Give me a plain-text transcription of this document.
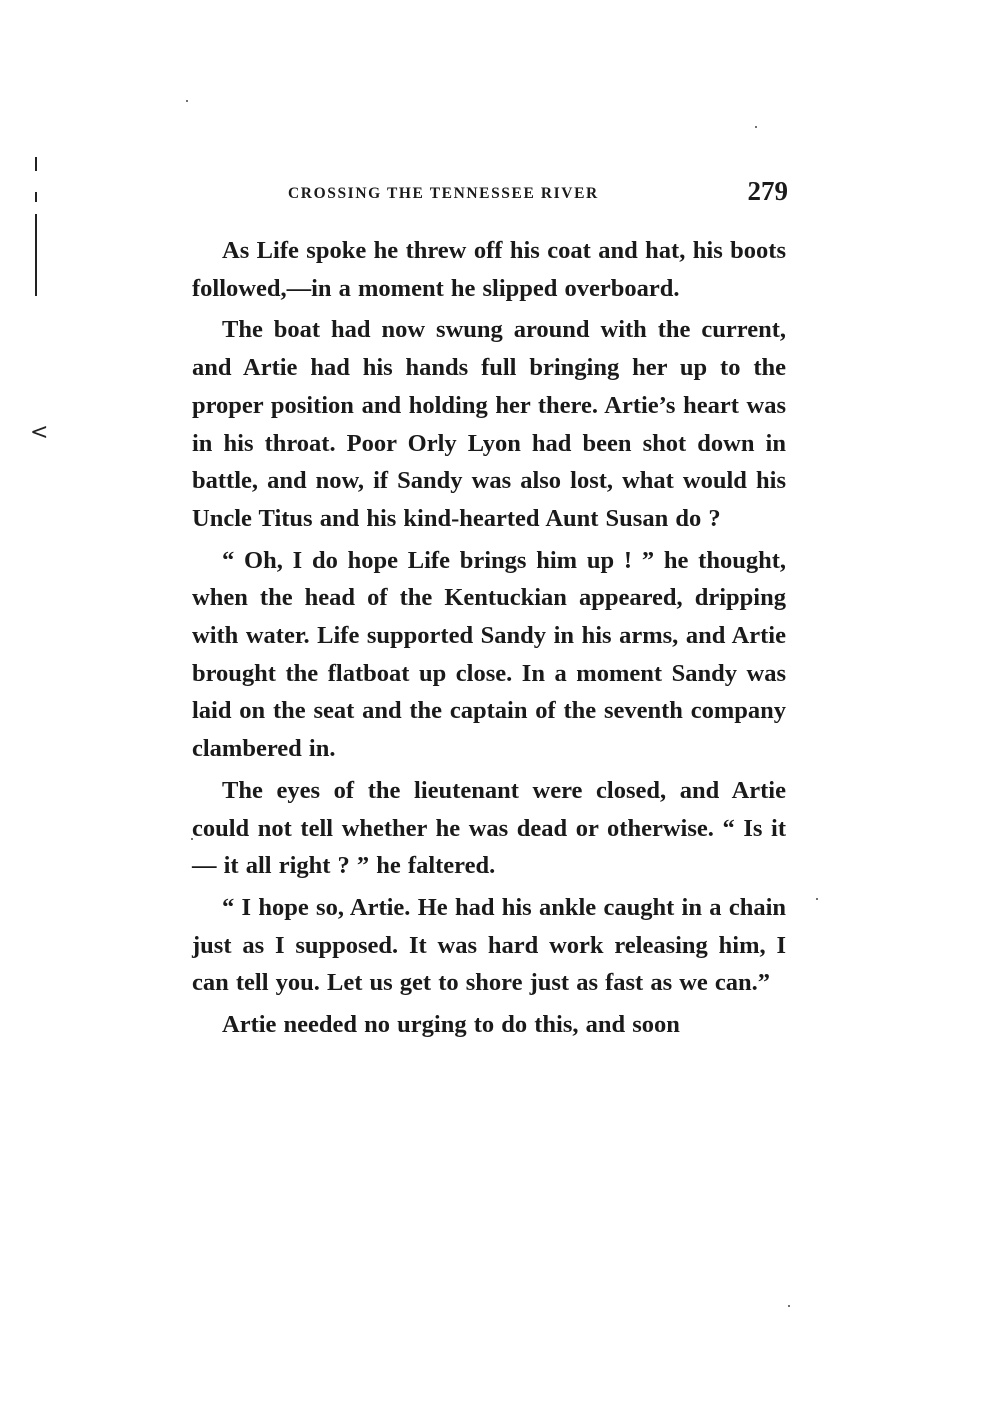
<
CROSSING THE TENNESSEE RIVER	279

As Life spoke he threw off his coat and hat, his boots followed,—in a moment he slipped overboard.

The boat had now swung around with the current, and Artie had his hands full bringing her up to the proper position and holding her there. Artie’s heart was in his throat. Poor Orly Lyon had been shot down in battle, and now, if Sandy was also lost, what would his Uncle Titus and his kind-hearted Aunt Susan do ?

“ Oh, I do hope Life brings him up ! ” he thought, when the head of the Kentuckian appeared, dripping with water. Life supported Sandy in his arms, and Artie brought the flatboat up close. In a moment Sandy was laid on the seat and the captain of the seventh company clambered in.

The eyes of the lieutenant were closed, and Artie could not tell whether he was dead or otherwise. “ Is it — it all right ? ” he faltered.

“ I hope so, Artie. He had his ankle caught in a chain just as I supposed. It was hard work releasing him, I can tell you. Let us get to shore just as fast as we can.”

Artie needed no urging to do this, and soon
